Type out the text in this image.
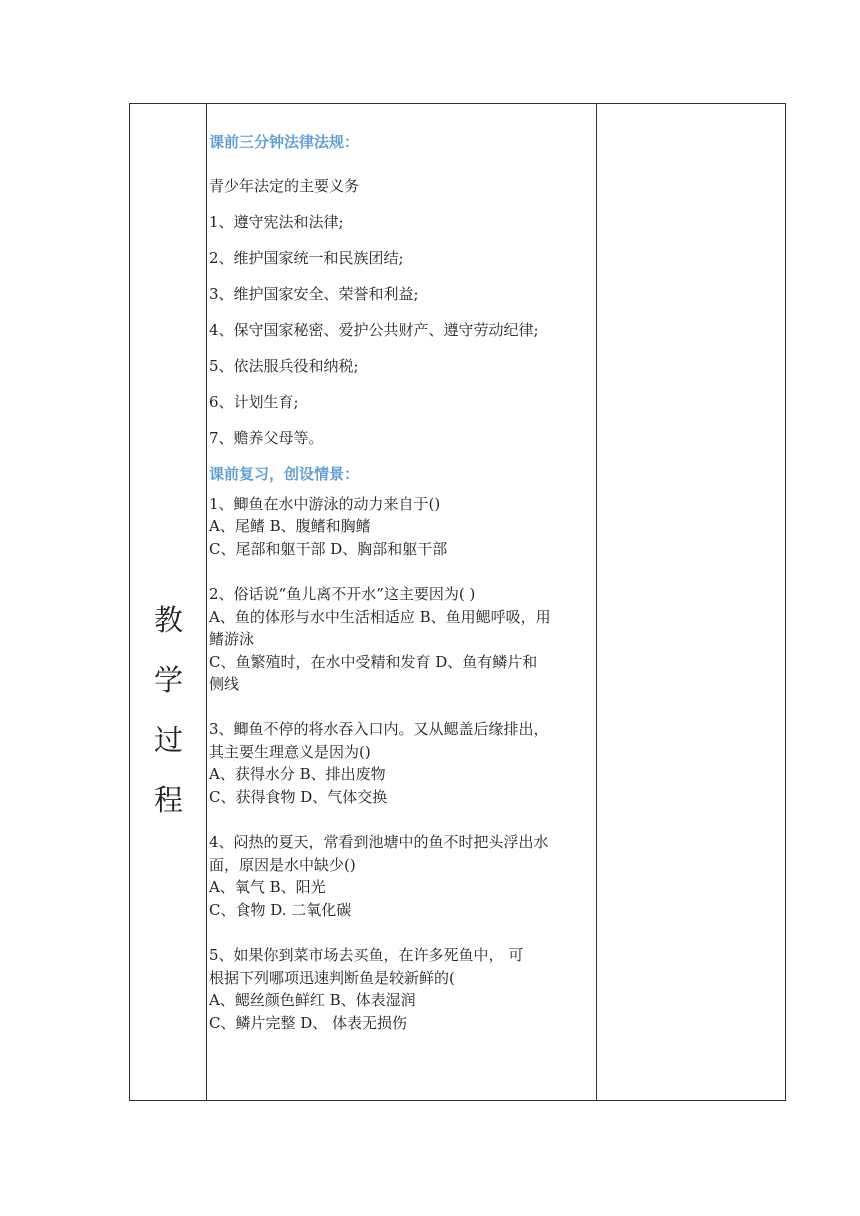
教
学
过
程
课前三分钟法律法规：
青少年法定的主要义务
1、遵守宪法和法律;
2、维护国家统一和民族团结;
3、维护国家安全、荣誉和利益;
4、保守国家秘密、爱护公共财产、遵守劳动纪律;
5、依法服兵役和纳税;
6、计划生育;
7、赡养父母等。
课前复习，创设情景：
1、鲫鱼在水中游泳的动力来自于()
A、尾鳍 B、腹鳍和胸鳍
C、尾部和躯干部 D、胸部和躯干部
2、俗话说“鱼儿离不开水”这主要因为( )
A、鱼的体形与水中生活相适应 B、鱼用鳃呼吸，用
鳍游泳
C、鱼繁殖时，在水中受精和发育 D、鱼有鳞片和
侧线
3、鲫鱼不停的将水吞入口内。又从鳃盖后缘排出，
其主要生理意义是因为()
A、获得水分 B、排出废物
C、获得食物 D、气体交换
4、闷热的夏天，常看到池塘中的鱼不时把头浮出水
面，原因是水中缺少()
A、氧气 B、阳光
C、食物 D. 二氧化碳
5、如果你到菜市场去买鱼，在许多死鱼中， 可
根据下列哪项迅速判断鱼是较新鲜的(
A、鳃丝颜色鲜红 B、体表湿润
C、鳞片完整 D、 体表无损伤
